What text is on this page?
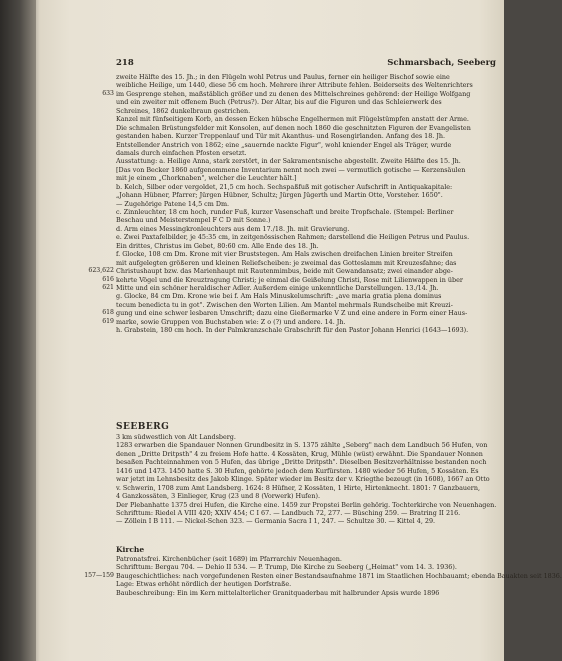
218	Schmarsbach, Seeberg
zweite Hälfte des 15. Jh.; in den Flügeln wohl Petrus und Paulus, ferner ein heiliger Bischof sowie eine
weibliche Heilige, um 1440, diese 56 cm hoch. Mehrere ihrer Attribute fehlen. Beiderseits des Weltenrichters
633 im Gesprenge stehen, maßstäblich größer und zu denen des Mittelschreines gehörend: der Heilige Wolfgang
und ein zweiter mit offenem Buch (Petrus?). Der Altar, bis auf die Figuren und das Schleierwerk des
Schreines, 1862 dunkelbraun gestrichen.
Kanzel mit fünfseitigem Korb, an dessen Ecken hübsche Engelhermen mit Flügelstümpfen anstatt der Arme.
Die schmalen Brüstungsfelder mit Konsolen, auf denen noch 1860 die geschnitzten Figuren der Evangelisten
gestanden haben. Kurzer Treppenlauf und Tür mit Akanthus- und Rosengirlanden. Anfang des 18. Jh.
Entstellender Anstrich von 1862; eine „sauernde nackte Figur", wohl kniender Engel als Träger, wurde
damals durch einfachen Pfosten ersetzt.
Ausstattung: a. Heilige Anna, stark zerstört, in der Sakramentsnische abgestellt. Zweite Hälfte des 15. Jh.
[Das von Becker 1860 aufgenommene Inventarium nennt noch zwei — vermutlich gotische — Kerzensäulen
mit je einem „Chorknaben", welcher die Leuchter hält.]
b. Kelch, Silber oder vergoldet, 21,5 cm hoch. Sechspaßfuß mit gotischer Aufschrift in Antiquakapitale:
„Johann Hübner, Pfarrer; Jürgen Hübner, Schultz; Jürgen Jügerth und Martin Otte, Vorsteher. 1650".
— Zugehörige Patene 14,5 cm Dm.
c. Zinnleuchter, 18 cm hoch, runder Fuß, kurzer Vasenschaft und breite Tropfschale. (Stempel: Berliner
Beschau und Meisterstempel F C D mit Sonne.)
d. Arm eines Messingkronleuchters aus dem 17./18. Jh. mit Gravierung.
e. Zwei Paxtafelbilder, je 45:35 cm, in zeitgenössischen Rahmen; darstellend die Heiligen Petrus und Paulus.
Ein drittes, Christus im Gebet, 80:60 cm. Alle Ende des 18. Jh.
f. Glocke, 108 cm Dm. Krone mit vier Bruststegen. Am Hals zwischen dreifachen Linien breiter Streifen
mit aufgelegten größeren und kleinen Reliefscheiben: je zweimal das Gotteslamm mit Kreuzesfahne; das
623,622 Christushaupt bzw. das Marienhaupt mit Rautenmimbus, beide mit Gewandansatz; zwei einander abge-
616 kehrte Vögel und die Kreuztragung Christi; je einmal die Geißelung Christi, Rose mit Lilienwappen in über
621 Mitte und ein schöner heraldischer Adler. Außerdem einige unkenntliche Darstellungen. 13./14. Jh.
g. Glocke, 84 cm Dm. Krone wie bei f. Am Hals Minuskelumschrift: „ave maria gratia plena dominus
tecum benedicta tu in got". Zwischen den Worten Lilien. Am Mantel mehrmals Rundscheibe mit Kreuzi-
618 gung und eine schwer lesbaren Umschrift; dazu eine Gießermarke V Z und eine andere in Form einer Haus-
619 marke, sowie Gruppen von Buchstaben wie: Z o (?) und andere. 14. Jh.
h. Grabstein, 180 cm hoch. In der Palmkranzschale Grabschrift für den Pastor Johann Henrici (1643—1693).
SEEBERG
3 km südwestlich von Alt Landsberg.
1283 erwarben die Spandauer Nonnen Grundbesitz in S. 1375 zählte „Seberg" nach dem Landbuch 56 Hufen, von
denen „Dritte Dritpsth" 4 zu freiem Hofe hatte. 4 Kossäten, Krug, Mühle (wüst) erwähnt. Die Spandauer Nonnen
besaßen Pachteinnahmen von 5 Hufen, das übrige „Dritte Dritpsth". Dieselben Besitzverhältnisse bestanden noch
1416 und 1473. 1450 hatte S. 30 Hufen, gehörte jedoch dem Kurfürsten. 1480 wieder 56 Hufen, 5 Kossäten. Es
war jetzt im Lehnsbesitz des Jakob Klinge. Später wieder im Besitz der v. Kriegthe bezeugt (in 1608), 1667 an Otto
v. Schwerin, 1708 zum Amt Landsberg. 1624: 8 Hüfner, 2 Kossäten, 1 Hirte, Hirtenknecht. 1801: 7 Ganzbauern,
4 Ganzkossäten, 3 Einlieger, Krug (23 und 8 (Vorwerk) Hufen).
Der Plebanhatte 1375 drei Hufen, die Kirche eine. 1459 zur Propstei Berlin gehörig. Tochterkirche von Neuenhagen.
Schrifttum: Riedel A VIII 420; XXIV 454; C I 67. — Landbuch 72, 277. — Büsching 259. — Bratring II 216.
— Zöllein I B 111. — Nickel-Schen 323. — Germania Sacra I 1, 247. — Schultze 30. — Kittel 4, 29.
Kirche
Patronatsfrei. Kirchenbücher (seit 1689) im Pfarrarchiv Neuenhagen.
Schrifttum: Bergau 704. — Dehio II 534. — P. Trump, Die Kirche zu Seeberg („Heimat" vom 14. 3. 1936).
157—159 Baugeschichtliches: nach vorgefundenen Resten einer Bestandsaufnahme 1871 im Staatlichen Hochbauamt; ebenda Bauakten seit 1836.
Lage: Etwas erhöht nördlich der heutigen Dorfstraße.
Baubeschreibung: Ein im Kern mittelalterlicher Granitquaderbau mit halbrunder Apsis wurde 1896
